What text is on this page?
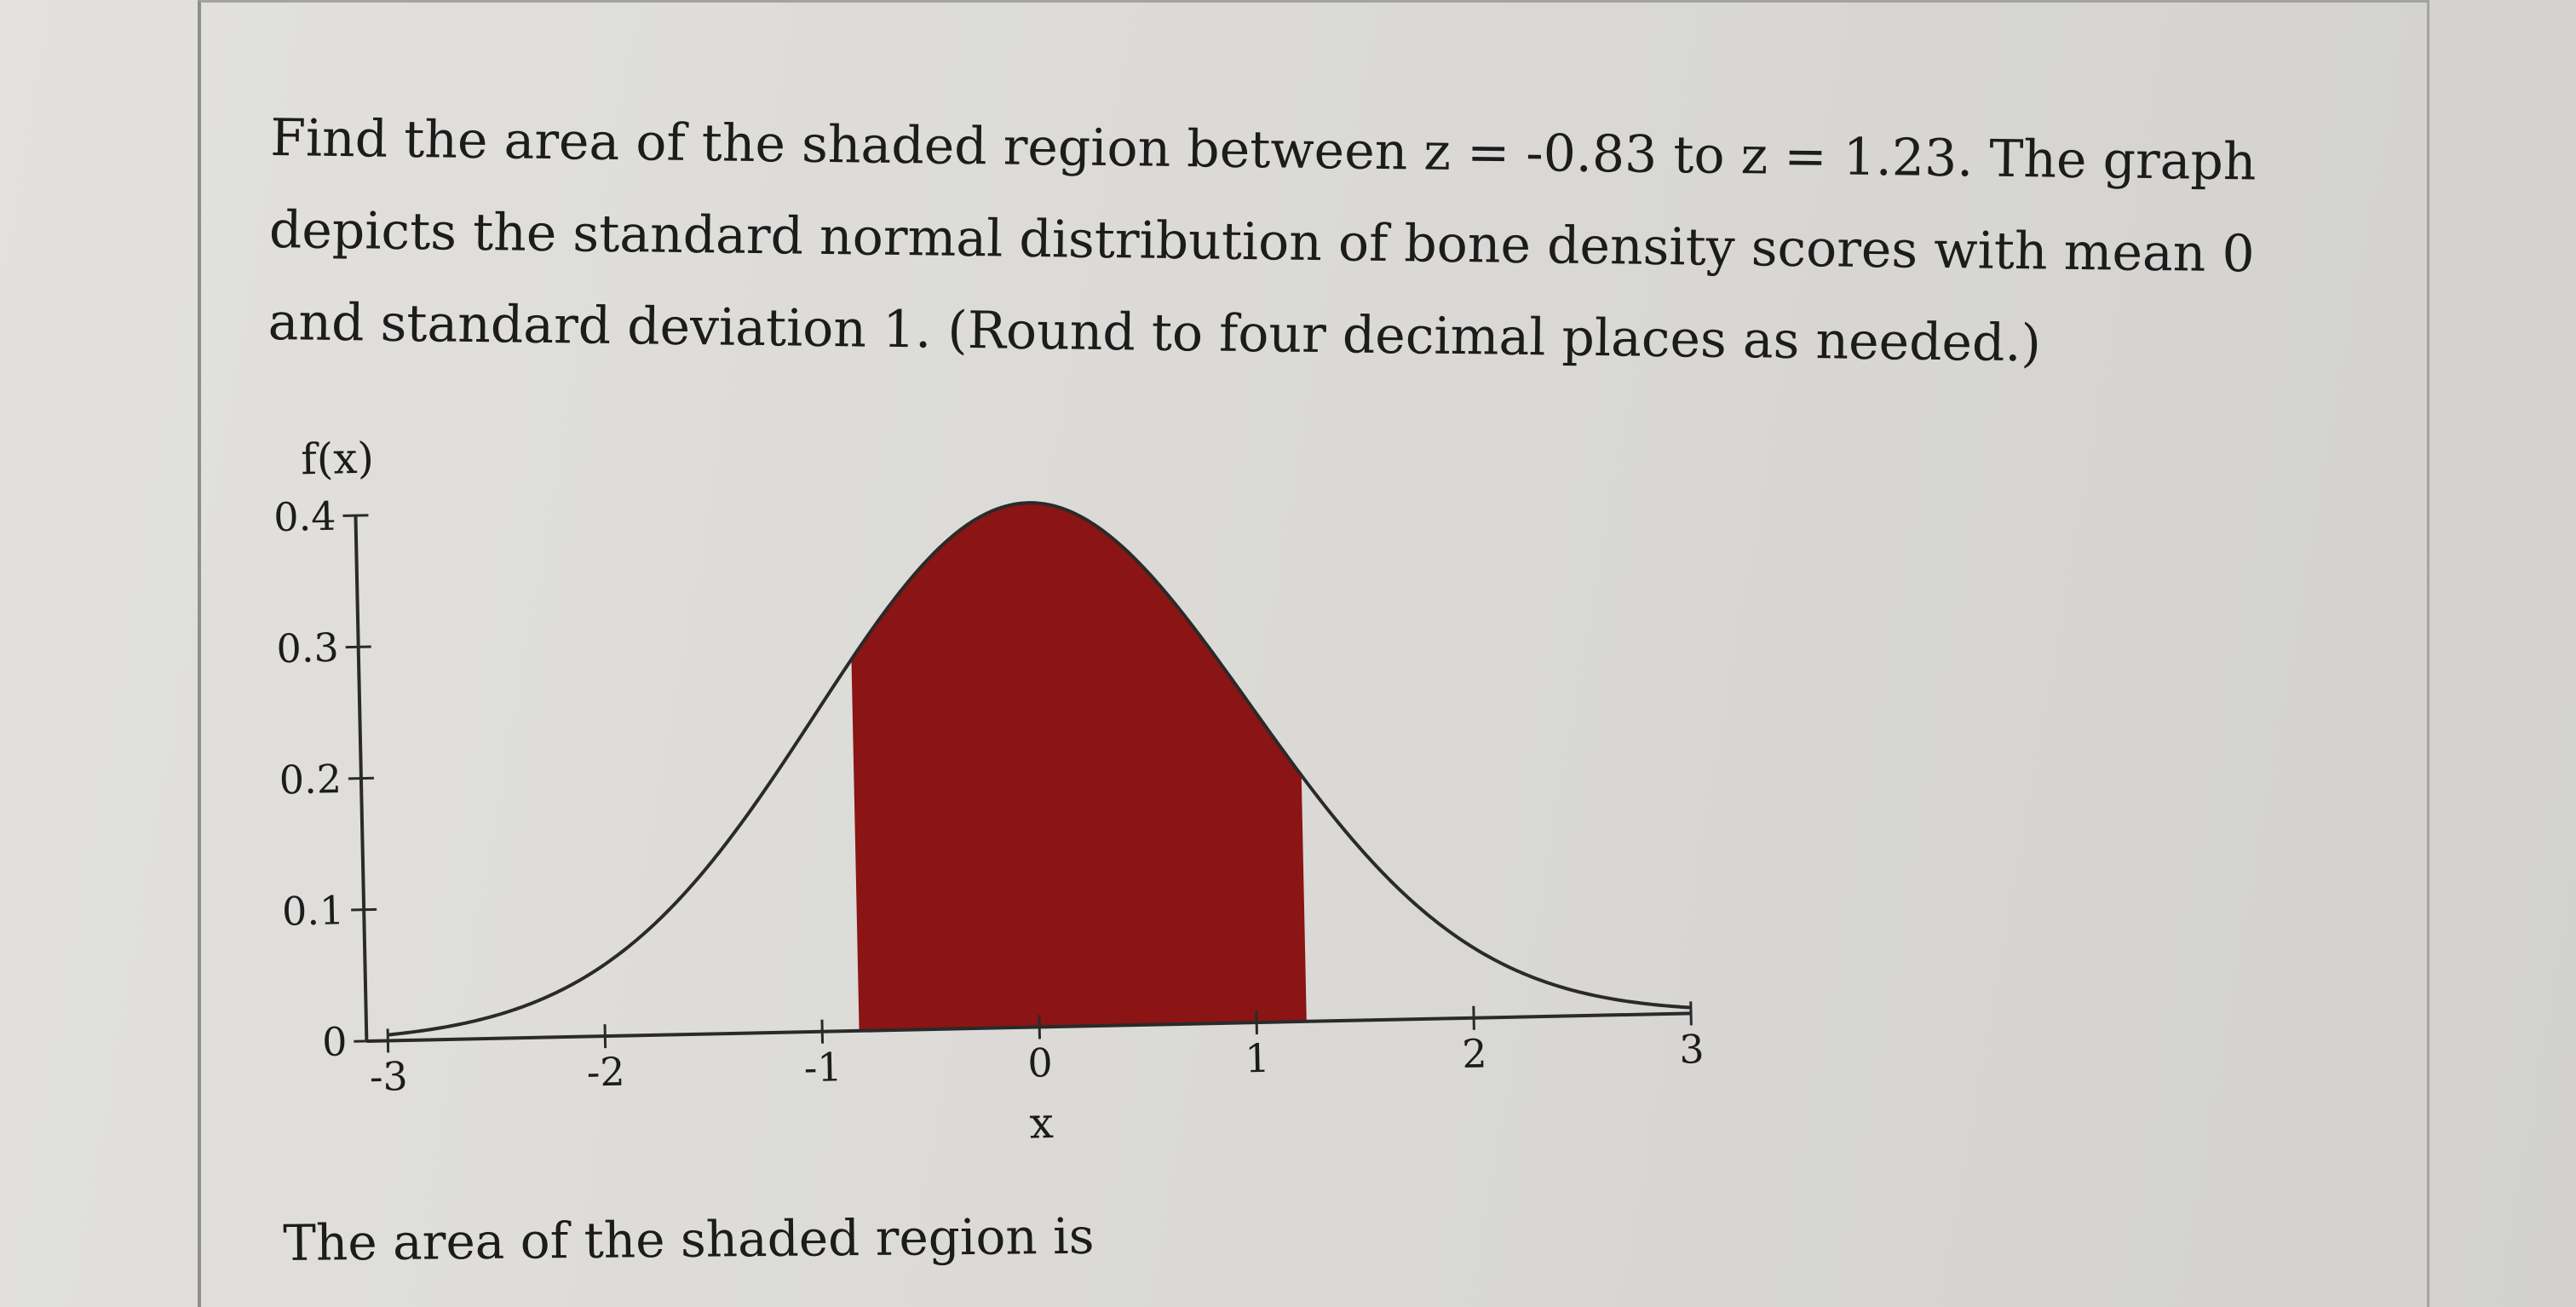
Find the area of the shaded region between z = -0.83 to z = 1.23. The graph depicts the standard normal distribution of bone density scores with mean 0 and standard deviation 1. (Round to four decimal places as needed.)

-3	-2	-1	0	1	2	3
0
0.1
0.2
0.3
0.4
f(x)
x

The area of the shaded region is
